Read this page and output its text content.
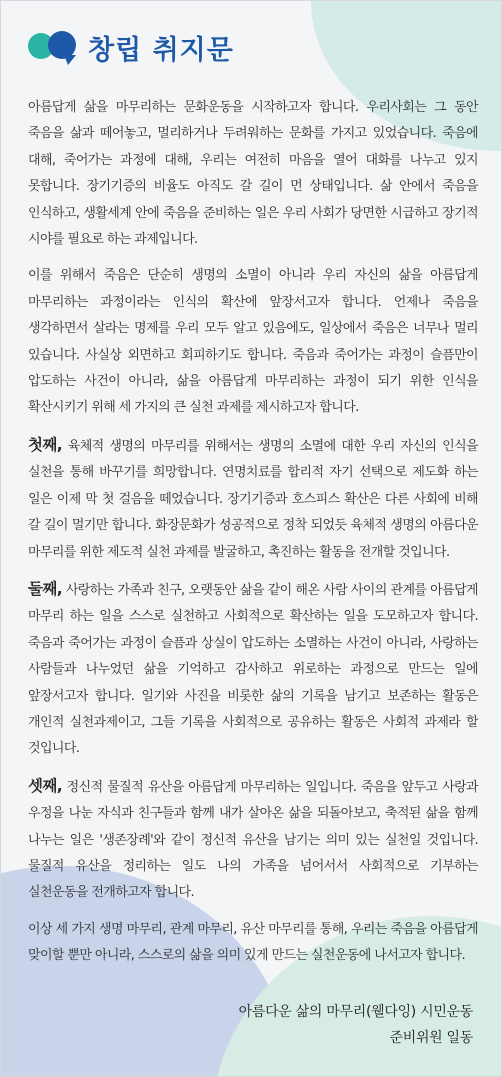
창립 취지문

아름답게 삶을 마무리하는 문화운동을 시작하고자 합니다. 우리사회는 그 동안 죽음을 삶과 떼어놓고, 멀리하거나 두려워하는 문화를 가지고 있었습니다. 죽음에 대해, 죽어가는 과정에 대해, 우리는 여전히 마음을 열어 대화를 나누고 있지 못합니다. 장기기증의 비율도 아직도 갈 길이 먼 상태입니다. 삶 안에서 죽음을 인식하고, 생활세계 안에 죽음을 준비하는 일은 우리 사회가 당면한 시급하고 장기적 시야를 필요로 하는 과제입니다.

이를 위해서 죽음은 단순히 생명의 소멸이 아니라 우리 자신의 삶을 아름답게 마무리하는 과정이라는 인식의 확산에 앞장서고자 합니다. 언제나 죽음을 생각하면서 살라는 명제를 우리 모두 알고 있음에도, 일상에서 죽음은 너무나 멀리 있습니다. 사실상 외면하고 회피하기도 합니다. 죽음과 죽어가는 과정이 슬픔만이 압도하는 사건이 아니라, 삶을 아름답게 마무리하는 과정이 되기 위한 인식을 확산시키기 위해 세 가지의 큰 실천 과제를 제시하고자 합니다.

첫째, 육체적 생명의 마무리를 위해서는 생명의 소멸에 대한 우리 자신의 인식을 실천을 통해 바꾸기를 희망합니다. 연명치료를 합리적 자기 선택으로 제도화 하는 일은 이제 막 첫 걸음을 떼었습니다. 장기기증과 호스피스 확산은 다른 사회에 비해 갈 길이 멀기만 합니다. 화장문화가 성공적으로 정착 되었듯 육체적 생명의 아름다운 마무리를 위한 제도적 실천 과제를 발굴하고, 촉진하는 활동을 전개할 것입니다.

둘째, 사랑하는 가족과 친구, 오랫동안 삶을 같이 해온 사람 사이의 관계를 아름답게 마무리 하는 일을 스스로 실천하고 사회적으로 확산하는 일을 도모하고자 합니다. 죽음과 죽어가는 과정이 슬픔과 상실이 압도하는 소멸하는 사건이 아니라, 사랑하는 사람들과 나누었던 삶을 기억하고 감사하고 위로하는 과정으로 만드는 일에 앞장서고자 합니다. 일기와 사진을 비롯한 삶의 기록을 남기고 보존하는 활동은 개인적 실천과제이고, 그들 기록을 사회적으로 공유하는 활동은 사회적 과제라 할 것입니다.

셋째, 정신적 물질적 유산을 아름답게 마무리하는 일입니다. 죽음을 앞두고 사랑과 우정을 나눈 자식과 친구들과 함께 내가 살아온 삶을 되돌아보고, 축적된 삶을 함께 나누는 일은 '생존장례'와 같이 정신적 유산을 남기는 의미 있는 실천일 것입니다. 물질적 유산을 정리하는 일도 나의 가족을 넘어서서 사회적으로 기부하는 실천운동을 전개하고자 합니다.

이상 세 가지 생명 마무리, 관계 마무리, 유산 마무리를 통해, 우리는 죽음을 아름답게 맞이할 뿐만 아니라, 스스로의 삶을 의미 있게 만드는 실천운동에 나서고자 합니다.

아름다운 삶의 마무리(웰다잉) 시민운동
준비위원 일동
